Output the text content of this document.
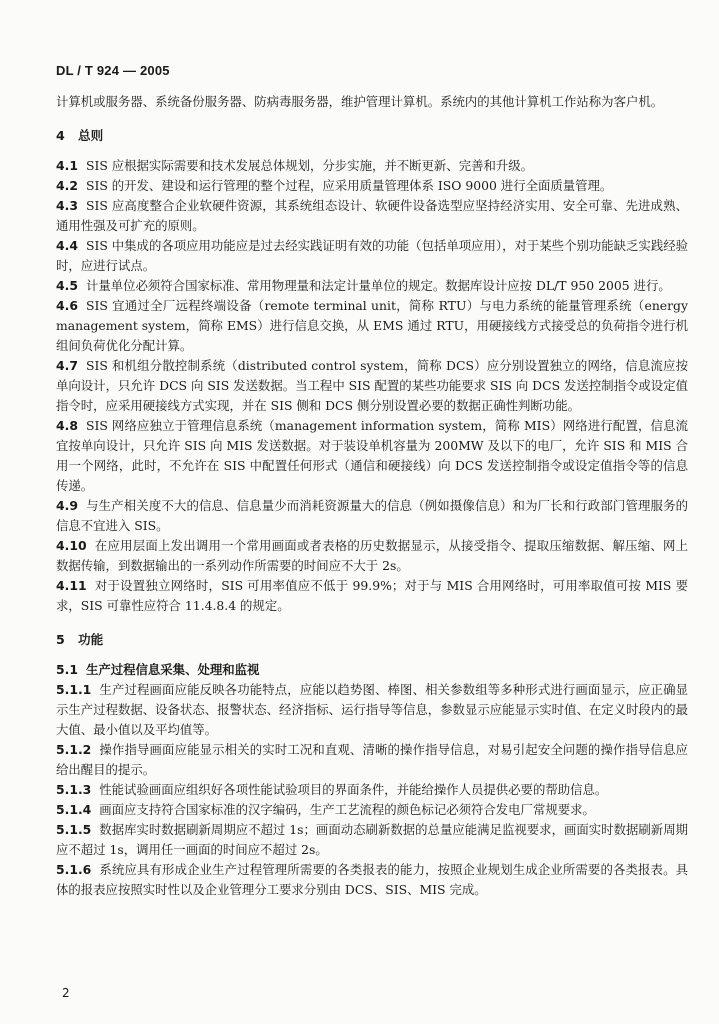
DL / T 924 — 2005

计算机或服务器、系统备份服务器、防病毒服务器，维护管理计算机。系统内的其他计算机工作站称为客户机。

4 总则

4.1 SIS 应根据实际需要和技术发展总体规划，分步实施，并不断更新、完善和升级。

4.2 SIS 的开发、建设和运行管理的整个过程，应采用质量管理体系 ISO 9000 进行全面质量管理。

4.3 SIS 应高度整合企业软硬件资源，其系统组态设计、软硬件设备选型应坚持经济实用、安全可靠、先进成熟、通用性强及可扩充的原则。

4.4 SIS 中集成的各项应用功能应是过去经实践证明有效的功能（包括单项应用），对于某些个别功能缺乏实践经验时，应进行试点。

4.5 计量单位必须符合国家标准、常用物理量和法定计量单位的规定。数据库设计应按 DL/T 950 2005 进行。

4.6 SIS 宜通过全厂远程终端设备（remote terminal unit，简称 RTU）与电力系统的能量管理系统（energy management system，简称 EMS）进行信息交换，从 EMS 通过 RTU，用硬接线方式接受总的负荷指令进行机组间负荷优化分配计算。

4.7 SIS 和机组分散控制系统（distributed control system，简称 DCS）应分别设置独立的网络，信息流应按单向设计，只允许 DCS 向 SIS 发送数据。当工程中 SIS 配置的某些功能要求 SIS 向 DCS 发送控制指令或设定值指令时，应采用硬接线方式实现，并在 SIS 侧和 DCS 侧分别设置必要的数据正确性判断功能。

4.8 SIS 网络应独立于管理信息系统（management information system，简称 MIS）网络进行配置，信息流宜按单向设计，只允许 SIS 向 MIS 发送数据。对于装设单机容量为 200MW 及以下的电厂，允许 SIS 和 MIS 合用一个网络，此时，不允许在 SIS 中配置任何形式（通信和硬接线）向 DCS 发送控制指令或设定值指令等的信息传递。

4.9 与生产相关度不大的信息、信息量少而消耗资源量大的信息（例如摄像信息）和为厂长和行政部门管理服务的信息不宜进入 SIS。

4.10 在应用层面上发出调用一个常用画面或者表格的历史数据显示，从接受指令、提取压缩数据、解压缩、网上数据传输，到数据输出的一系列动作所需要的时间应不大于 2s。

4.11 对于设置独立网络时，SIS 可用率值应不低于 99.9%；对于与 MIS 合用网络时，可用率取值可按 MIS 要求，SIS 可靠性应符合 11.4.8.4 的规定。

5 功能

5.1 生产过程信息采集、处理和监视

5.1.1 生产过程画面应能反映各功能特点，应能以趋势图、棒图、相关参数组等多种形式进行画面显示，应正确显示生产过程数据、设备状态、报警状态、经济指标、运行指导等信息，参数显示应能显示实时值、在定义时段内的最大值、最小值以及平均值等。

5.1.2 操作指导画面应能显示相关的实时工况和直观、清晰的操作指导信息，对易引起安全问题的操作指导信息应给出醒目的提示。

5.1.3 性能试验画面应组织好各项性能试验项目的界面条件，并能给操作人员提供必要的帮助信息。

5.1.4 画面应支持符合国家标准的汉字编码，生产工艺流程的颜色标记必须符合发电厂常规要求。

5.1.5 数据库实时数据刷新周期应不超过 1s；画面动态刷新数据的总量应能满足监视要求，画面实时数据刷新周期应不超过 1s，调用任一画面的时间应不超过 2s。

5.1.6 系统应具有形成企业生产过程管理所需要的各类报表的能力，按照企业规划生成企业所需要的各类报表。具体的报表应按照实时性以及企业管理分工要求分别由 DCS、SIS、MIS 完成。

2
